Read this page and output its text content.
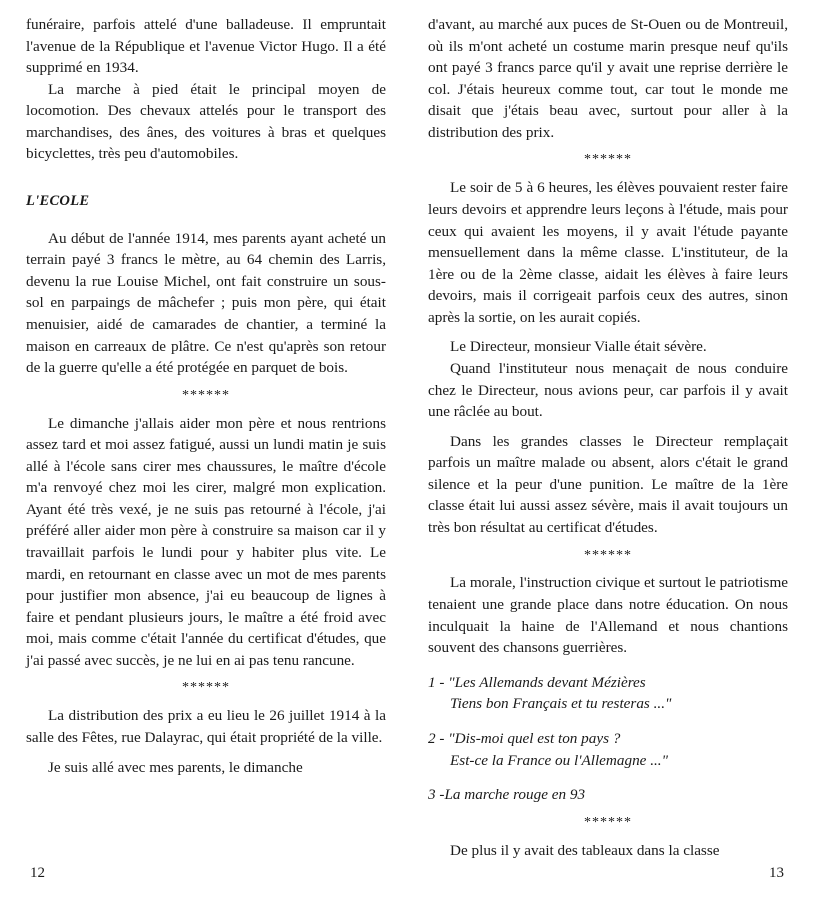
funéraire, parfois attelé d'une balladeuse. Il empruntait l'avenue de la République et l'avenue Victor Hugo. Il a été supprimé en 1934.

La marche à pied était le principal moyen de locomotion. Des chevaux attelés pour le transport des marchandises, des ânes, des voitures à bras et quelques bicyclettes, très peu d'automobiles.

L'ECOLE

Au début de l'année 1914, mes parents ayant acheté un terrain payé 3 francs le mètre, au 64 chemin des Larris, devenu la rue Louise Michel, ont fait construire un sous-sol en parpaings de mâchefer ; puis mon père, qui était menuisier, aidé de camarades de chantier, a terminé la maison en carreaux de plâtre. Ce n'est qu'après son retour de la guerre qu'elle a été protégée en parquet de bois.

******

Le dimanche j'allais aider mon père et nous rentrions assez tard et moi assez fatigué, aussi un lundi matin je suis allé à l'école sans cirer mes chaussures, le maître d'école m'a renvoyé chez moi les cirer, malgré mon explication. Ayant été très vexé, je ne suis pas retourné à l'école, j'ai préféré aller aider mon père à construire sa maison car il y travaillait parfois le lundi pour y habiter plus vite. Le mardi, en retournant en classe avec un mot de mes parents pour justifier mon absence, j'ai eu beaucoup de lignes à faire et pendant plusieurs jours, le maître a été froid avec moi, mais comme c'était l'année du certificat d'études, que j'ai passé avec succès, je ne lui en ai pas tenu rancune.

******

La distribution des prix a eu lieu le 26 juillet 1914 à la salle des Fêtes, rue Dalayrac, qui était propriété de la ville.

Je suis allé avec mes parents, le dimanche

12

d'avant, au marché aux puces de St-Ouen ou de Montreuil, où ils m'ont acheté un costume marin presque neuf qu'ils ont payé 3 francs parce qu'il y avait une reprise derrière le col. J'étais heureux comme tout, car tout le monde me disait que j'étais beau avec, surtout pour aller à la distribution des prix.

******

Le soir de 5 à 6 heures, les élèves pouvaient rester faire leurs devoirs et apprendre leurs leçons à l'étude, mais pour ceux qui avaient les moyens, il y avait l'étude payante mensuellement dans la même classe. L'instituteur, de la 1ère ou de la 2ème classe, aidait les élèves à faire leurs devoirs, mais il corrigeait parfois ceux des autres, sinon après la sortie, on les aurait copiés.

Le Directeur, monsieur Vialle était sévère.

Quand l'instituteur nous menaçait de nous conduire chez le Directeur, nous avions peur, car parfois il y avait une râclée au bout.

Dans les grandes classes le Directeur remplaçait parfois un maître malade ou absent, alors c'était le grand silence et la peur d'une punition. Le maître de la 1ère classe était lui aussi assez sévère, mais il avait toujours un très bon résultat au certificat d'études.

******

La morale, l'instruction civique et surtout le patriotisme tenaient une grande place dans notre éducation. On nous inculquait la haine de l'Allemand et nous chantions souvent des chansons guerrières.

1 - "Les Allemands devant Mézières
Tiens bon Français et tu resteras ..."
2 - "Dis-moi quel est ton pays ?
Est-ce la France ou l'Allemagne ..."
3 -La marche rouge en 93
******

De plus il y avait des tableaux dans la classe

13
